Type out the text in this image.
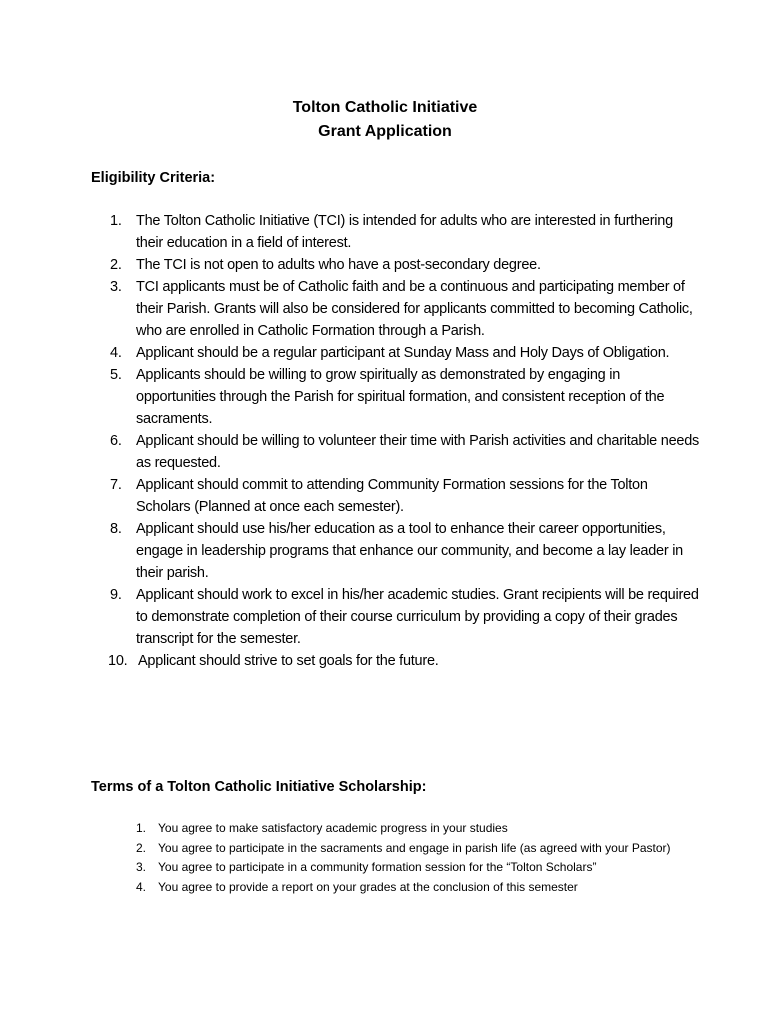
Tolton Catholic Initiative
Grant Application
Eligibility Criteria:
1. The Tolton Catholic Initiative (TCI) is intended for adults who are interested in furthering their education in a field of interest.
2. The TCI is not open to adults who have a post-secondary degree.
3. TCI applicants must be of Catholic faith and be a continuous and participating member of their Parish. Grants will also be considered for applicants committed to becoming Catholic, who are enrolled in Catholic Formation through a Parish.
4. Applicant should be a regular participant at Sunday Mass and Holy Days of Obligation.
5. Applicants should be willing to grow spiritually as demonstrated by engaging in opportunities through the Parish for spiritual formation, and consistent reception of the sacraments.
6. Applicant should be willing to volunteer their time with Parish activities and charitable needs as requested.
7. Applicant should commit to attending Community Formation sessions for the Tolton Scholars (Planned at once each semester).
8. Applicant should use his/her education as a tool to enhance their career opportunities, engage in leadership programs that enhance our community, and become a lay leader in their parish.
9. Applicant should work to excel in his/her academic studies. Grant recipients will be required to demonstrate completion of their course curriculum by providing a copy of their grades transcript for the semester.
10. Applicant should strive to set goals for the future.
Terms of a Tolton Catholic Initiative Scholarship:
1. You agree to make satisfactory academic progress in your studies
2. You agree to participate in the sacraments and engage in parish life (as agreed with your Pastor)
3. You agree to participate in a community formation session for the “Tolton Scholars”
4. You agree to provide a report on your grades at the conclusion of this semester
